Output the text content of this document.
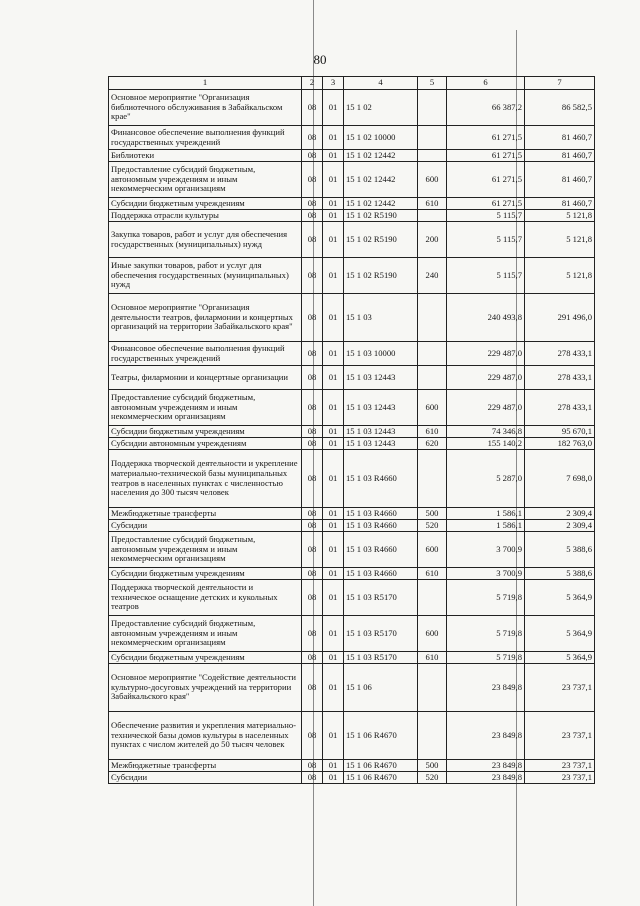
80
1	2	3	4	5	6	7
Основное мероприятие "Организация библиотечного обслуживания в Забайкальском крае"	08	01	15 1 02		66 387,2	86 582,5
Финансовое обеспечение выполнения функций государственных учреждений	08	01	15 1 02 10000		61 271,5	81 460,7
Библиотеки	08	01	15 1 02 12442		61 271,5	81 460,7
Предоставление субсидий бюджетным, автономным учреждениям и иным некоммерческим организациям	08	01	15 1 02 12442	600	61 271,5	81 460,7
Субсидии бюджетным учреждениям	08	01	15 1 02 12442	610	61 271,5	81 460,7
Поддержка отрасли культуры	08	01	15 1 02 R5190		5 115,7	5 121,8
Закупка товаров, работ и услуг для обеспечения государственных (муниципальных) нужд	08	01	15 1 02 R5190	200	5 115,7	5 121,8
Иные закупки товаров, работ и услуг для обеспечения государственных (муниципальных) нужд	08	01	15 1 02 R5190	240	5 115,7	5 121,8
Основное мероприятие "Организация деятельности театров, филармонии и концертных организаций на территории Забайкальского края"	08	01	15 1 03		240 493,8	291 496,0
Финансовое обеспечение выполнения функций государственных учреждений	08	01	15 1 03 10000		229 487,0	278 433,1
Театры, филармонии и концертные организации	08	01	15 1 03 12443		229 487,0	278 433,1
Предоставление субсидий бюджетным, автономным учреждениям и иным некоммерческим организациям	08	01	15 1 03 12443	600	229 487,0	278 433,1
Субсидии бюджетным учреждениям	08	01	15 1 03 12443	610	74 346,8	95 670,1
Субсидии автономным учреждениям	08	01	15 1 03 12443	620	155 140,2	182 763,0
Поддержка творческой деятельности и укрепление материально-технической базы муниципальных театров в населенных пунктах с численностью населения до 300 тысяч человек	08	01	15 1 03 R4660		5 287,0	7 698,0
Межбюджетные трансферты	08	01	15 1 03 R4660	500	1 586,1	2 309,4
Субсидии	08	01	15 1 03 R4660	520	1 586,1	2 309,4
Предоставление субсидий бюджетным, автономным учреждениям и иным некоммерческим организациям	08	01	15 1 03 R4660	600	3 700,9	5 388,6
Субсидии бюджетным учреждениям	08	01	15 1 03 R4660	610	3 700,9	5 388,6
Поддержка творческой деятельности и техническое оснащение детских и кукольных театров	08	01	15 1 03 R5170		5 719,8	5 364,9
Предоставление субсидий бюджетным, автономным учреждениям и иным некоммерческим организациям	08	01	15 1 03 R5170	600	5 719,8	5 364,9
Субсидии бюджетным учреждениям	08	01	15 1 03 R5170	610	5 719,8	5 364,9
Основное мероприятие "Содействие деятельности культурно-досуговых учреждений на территории Забайкальского края"	08	01	15 1 06		23 849,8	23 737,1
Обеспечение развития и укрепления материально-технической базы домов культуры в населенных пунктах с числом жителей до 50 тысяч человек	08	01	15 1 06 R4670		23 849,8	23 737,1
Межбюджетные трансферты	08	01	15 1 06 R4670	500	23 849,8	23 737,1
Субсидии	08	01	15 1 06 R4670	520	23 849,8	23 737,1
